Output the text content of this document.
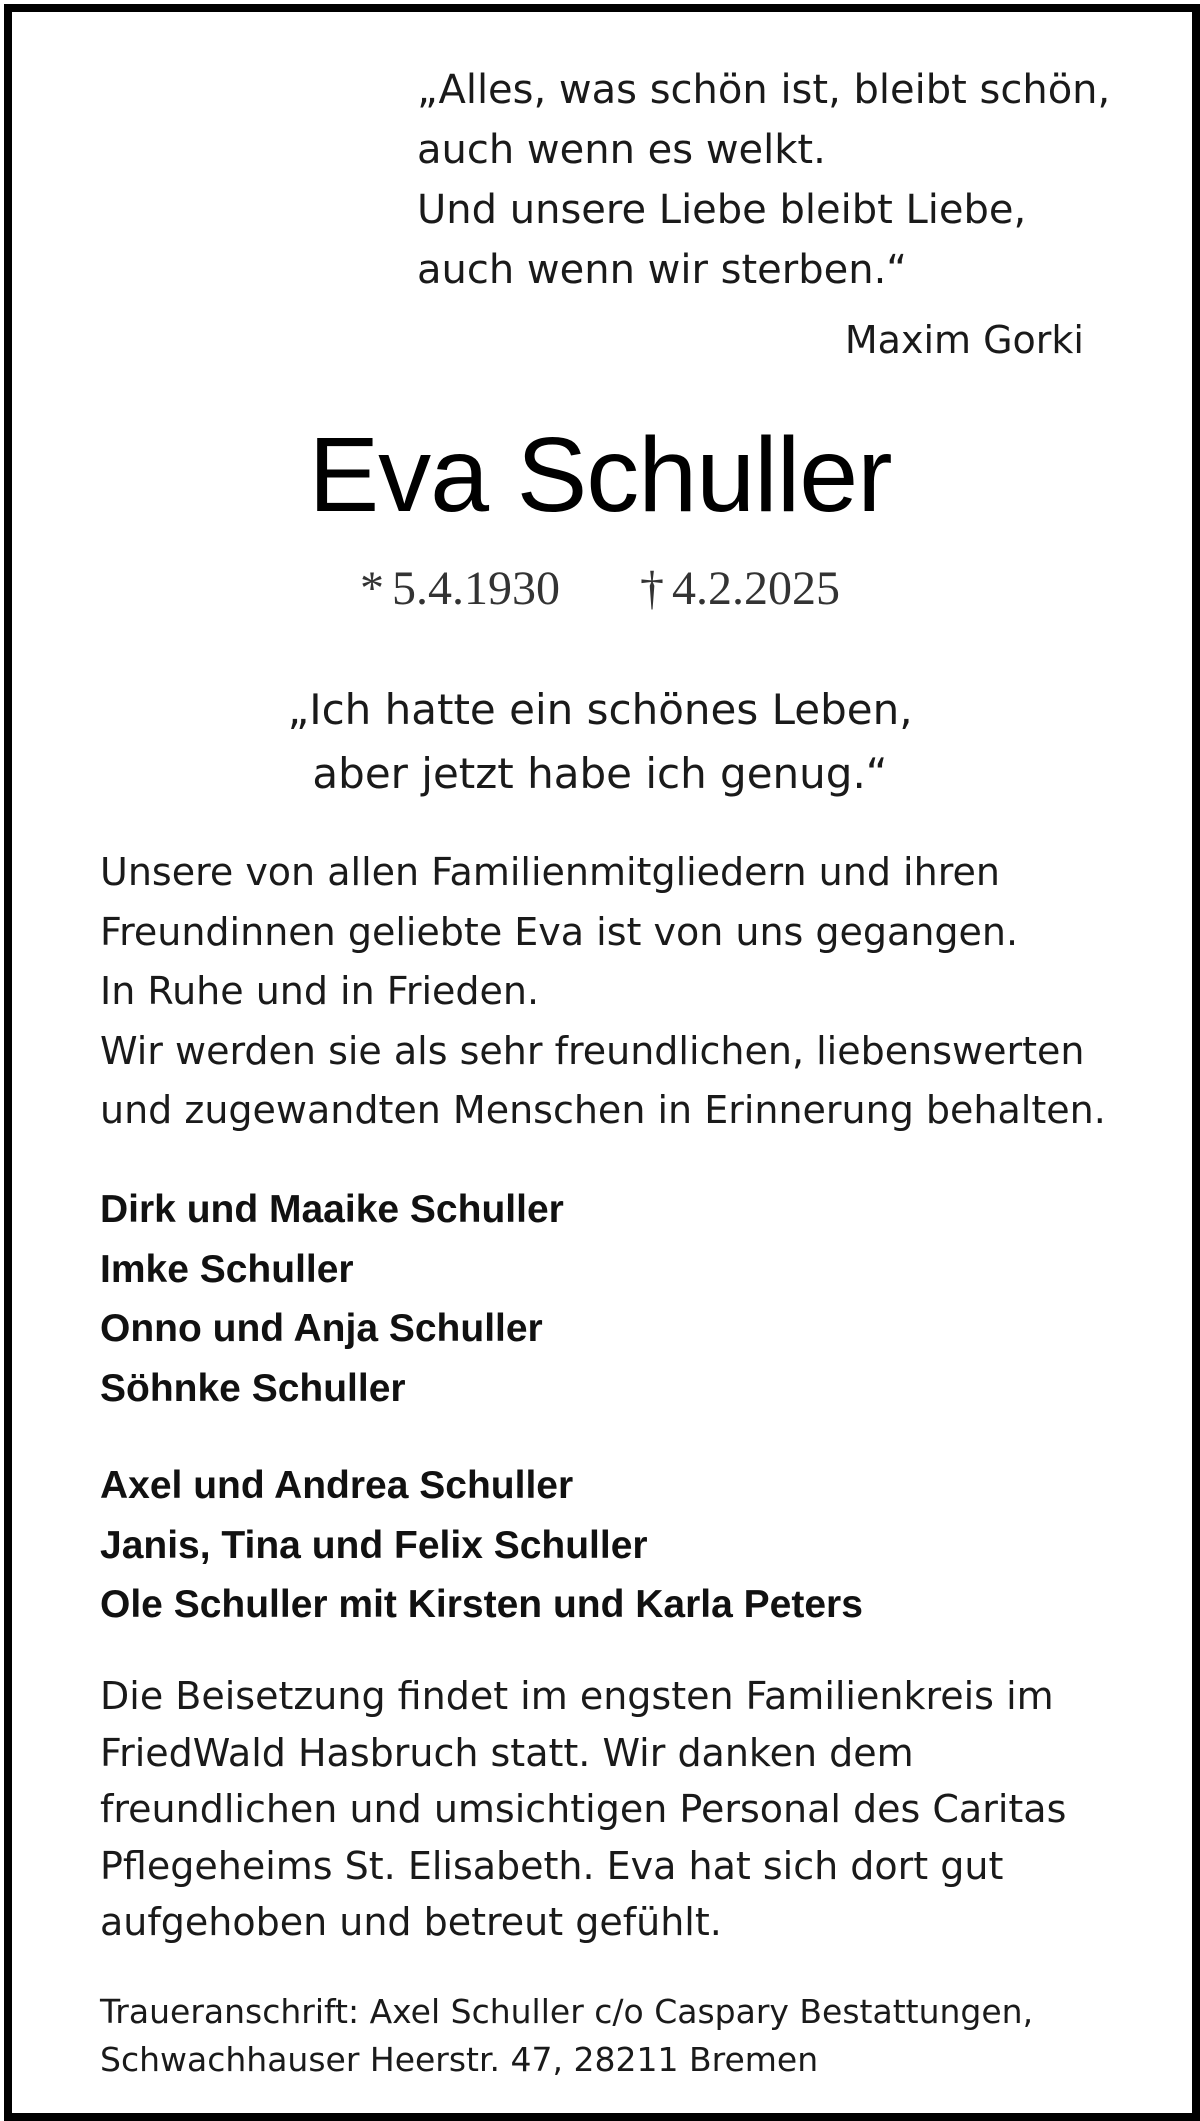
„Alles, was schön ist, bleibt schön,
auch wenn es welkt.
Und unsere Liebe bleibt Liebe,
auch wenn wir sterben.“
Maxim Gorki
Eva Schuller
* 5.4.1930 † 4.2.2025
„Ich hatte ein schönes Leben,
aber jetzt habe ich genug.“
Unsere von allen Familienmitgliedern und ihren
Freundinnen geliebte Eva ist von uns gegangen.
In Ruhe und in Frieden.
Wir werden sie als sehr freundlichen, liebenswerten
und zugewandten Menschen in Erinnerung behalten.
Dirk und Maaike Schuller
Imke Schuller
Onno und Anja Schuller
Söhnke Schuller
Axel und Andrea Schuller
Janis, Tina und Felix Schuller
Ole Schuller mit Kirsten und Karla Peters
Die Beisetzung findet im engsten Familienkreis im
FriedWald Hasbruch statt. Wir danken dem
freundlichen und umsichtigen Personal des Caritas
Pflegeheims St. Elisabeth. Eva hat sich dort gut
aufgehoben und betreut gefühlt.
Traueranschrift: Axel Schuller c/o Caspary Bestattungen,
Schwachhauser Heerstr. 47, 28211 Bremen
